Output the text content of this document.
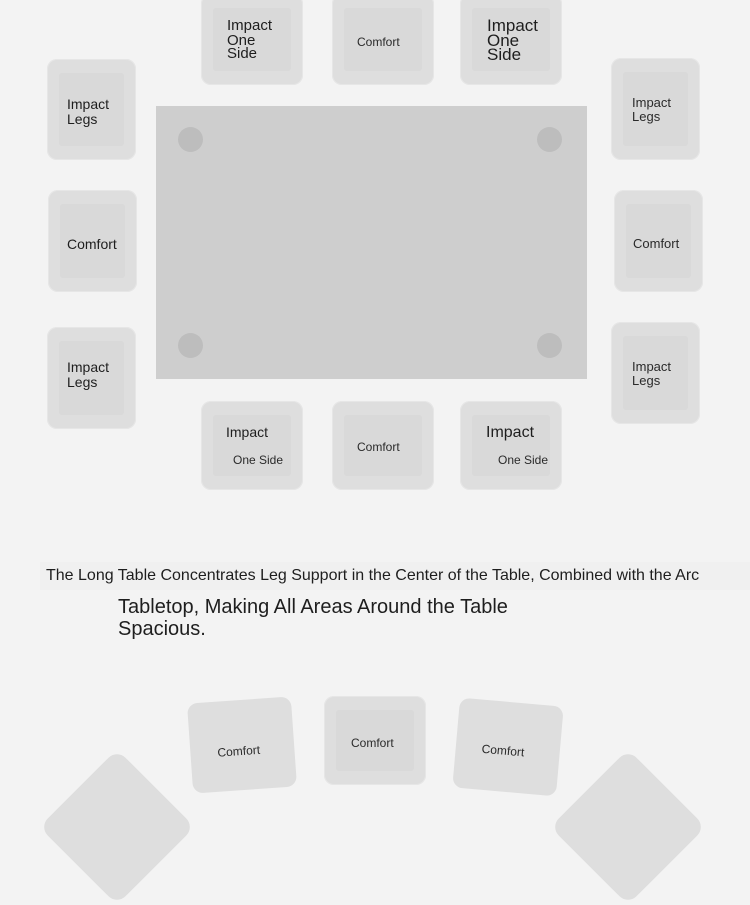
Impact
One
Side
Comfort
Impact
One
Side
Impact
Legs
Comfort
Impact
Legs
Impact
Legs
Comfort
Impact
Legs
Impact
One Side
Comfort
Impact
One Side
The Long Table Concentrates Leg Support in the Center of the Table, Combined with the Arc
Tabletop, Making All Areas Around the Table
Spacious.
Comfort	Comfort	Comfort
